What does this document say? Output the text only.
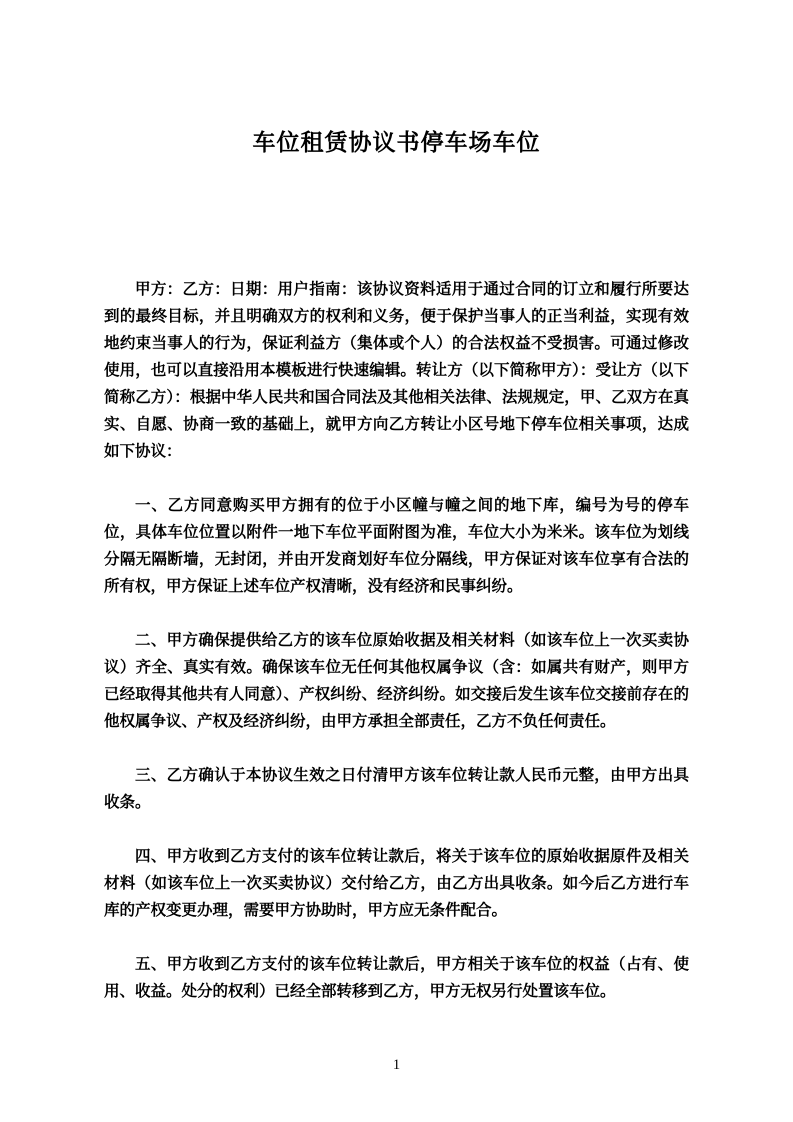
车位租赁协议书停车场车位

甲方：乙方：日期：用户指南：该协议资料适用于通过合同的订立和履行所要达到的最终目标，并且明确双方的权利和义务，便于保护当事人的正当利益，实现有效地约束当事人的行为，保证利益方（集体或个人）的合法权益不受损害。可通过修改使用，也可以直接沿用本模板进行快速编辑。转让方（以下简称甲方）：受让方（以下简称乙方）：根据中华人民共和国合同法及其他相关法律、法规规定，甲、乙双方在真实、自愿、协商一致的基础上，就甲方向乙方转让小区号地下停车位相关事项，达成如下协议：

一、乙方同意购买甲方拥有的位于小区幢与幢之间的地下库，编号为号的停车位，具体车位位置以附件一地下车位平面附图为准，车位大小为米米。该车位为划线分隔无隔断墙，无封闭，并由开发商划好车位分隔线，甲方保证对该车位享有合法的所有权，甲方保证上述车位产权清晰，没有经济和民事纠纷。

二、甲方确保提供给乙方的该车位原始收据及相关材料（如该车位上一次买卖协议）齐全、真实有效。确保该车位无任何其他权属争议（含：如属共有财产，则甲方已经取得其他共有人同意）、产权纠纷、经济纠纷。如交接后发生该车位交接前存在的他权属争议、产权及经济纠纷，由甲方承担全部责任，乙方不负任何责任。

三、乙方确认于本协议生效之日付清甲方该车位转让款人民币元整，由甲方出具收条。

四、甲方收到乙方支付的该车位转让款后，将关于该车位的原始收据原件及相关材料（如该车位上一次买卖协议）交付给乙方，由乙方出具收条。如今后乙方进行车库的产权变更办理，需要甲方协助时，甲方应无条件配合。

五、甲方收到乙方支付的该车位转让款后，甲方相关于该车位的权益（占有、使用、收益。处分的权利）已经全部转移到乙方，甲方无权另行处置该车位。

1
